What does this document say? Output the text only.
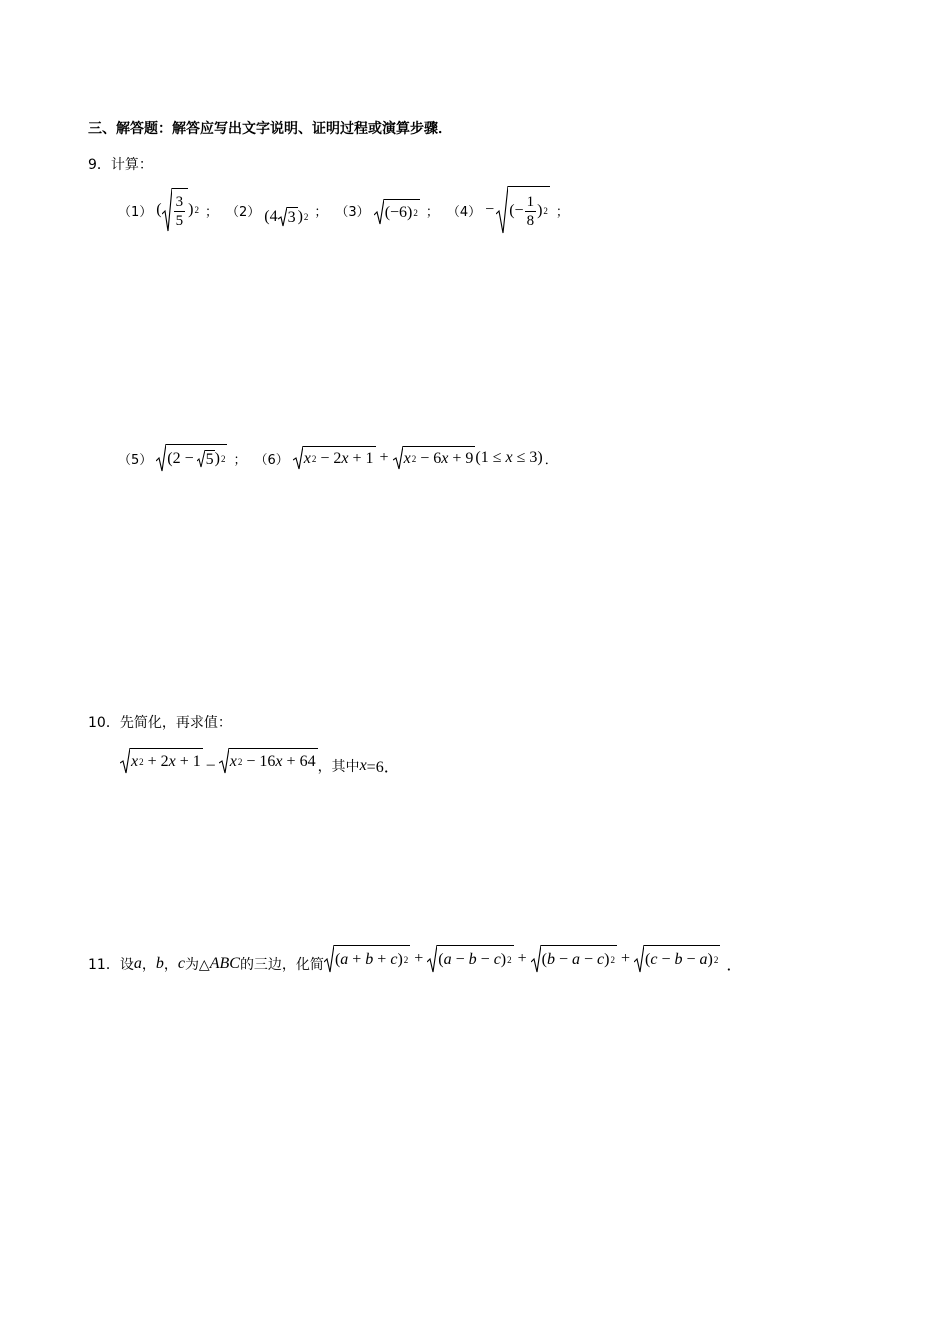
三、解答题：解答应写出文字说明、证明过程或演算步骤．
9．计算：
（1） ( $\frac{3}{5}$ ) 2 ； （2） (4 3 ) 2 ； （3） (−6) 2 ； （4） − (− $\frac{1}{8}$ ) 2 ；
（5） (2 − 5 ) 2 ； （6） x 2 − 2 x + 1 + x 2 − 6 x + 9 (1 ≤ x ≤ 3) ．
10．先简化，再求值：
x 2 + 2 x + 1 – x 2 − 16 x + 64 ，其中 x =6．
11．设 a ， b ， c 为△ ABC 的三边，化简 ( a + b + c ) 2 + ( a − b − c ) 2 + ( b − a − c ) 2 + ( c − b − a ) 2 ．
